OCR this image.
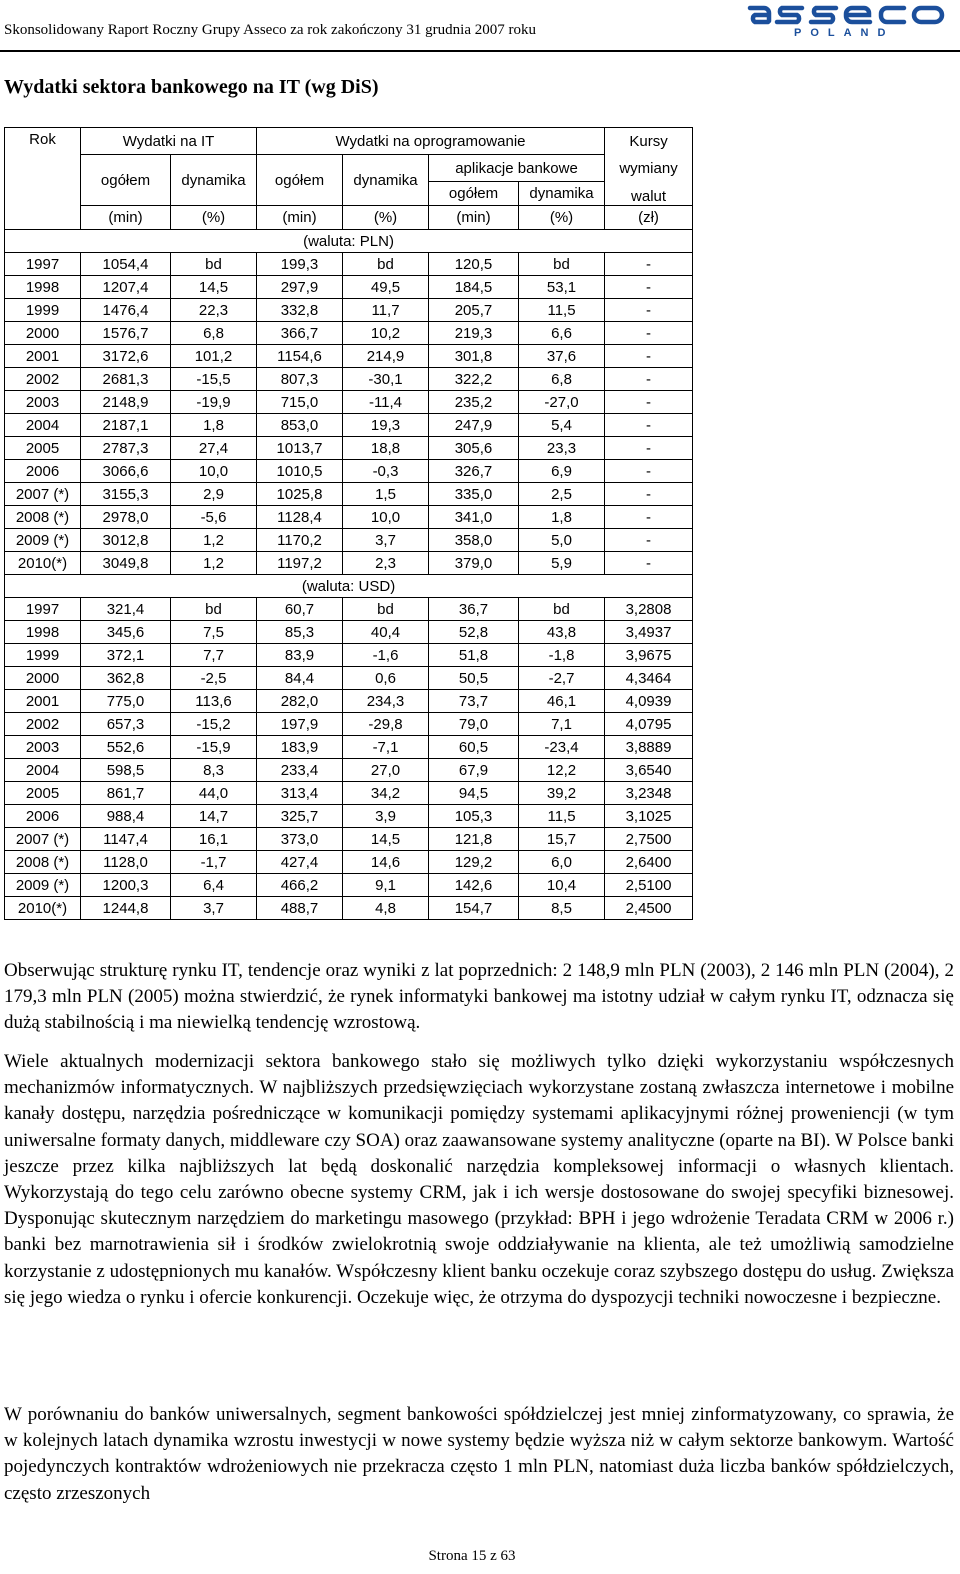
Skonsolidowany Raport Roczny Grupy Asseco za rok zakończony 31 grudnia 2007 roku	POLAND
Wydatki sektora bankowego na IT (wg DiS)
Rok	Wydatki na IT		Wydatki na oprogramowanie				Kursy
	ogółem	dynamika	ogółem	dynamika	aplikacje bankowe		wymiany
					ogółem	dynamika	walut
	(min)	(%)	(min)	(%)	(min)	(%)	(zł)
(waluta: PLN)							
1997	1054,4	bd	199,3	bd	120,5	bd	-
1998	1207,4	14,5	297,9	49,5	184,5	53,1	-
1999	1476,4	22,3	332,8	11,7	205,7	11,5	-
2000	1576,7	6,8	366,7	10,2	219,3	6,6	-
2001	3172,6	101,2	1154,6	214,9	301,8	37,6	-
2002	2681,3	-15,5	807,3	-30,1	322,2	6,8	-
2003	2148,9	-19,9	715,0	-11,4	235,2	-27,0	-
2004	2187,1	1,8	853,0	19,3	247,9	5,4	-
2005	2787,3	27,4	1013,7	18,8	305,6	23,3	-
2006	3066,6	10,0	1010,5	-0,3	326,7	6,9	-
2007 (*)	3155,3	2,9	1025,8	1,5	335,0	2,5	-
2008 (*)	2978,0	-5,6	1128,4	10,0	341,0	1,8	-
2009 (*)	3012,8	1,2	1170,2	3,7	358,0	5,0	-
2010(*)	3049,8	1,2	1197,2	2,3	379,0	5,9	-
(waluta: USD)							
1997	321,4	bd	60,7	bd	36,7	bd	3,2808
1998	345,6	7,5	85,3	40,4	52,8	43,8	3,4937
1999	372,1	7,7	83,9	-1,6	51,8	-1,8	3,9675
2000	362,8	-2,5	84,4	0,6	50,5	-2,7	4,3464
2001	775,0	113,6	282,0	234,3	73,7	46,1	4,0939
2002	657,3	-15,2	197,9	-29,8	79,0	7,1	4,0795
2003	552,6	-15,9	183,9	-7,1	60,5	-23,4	3,8889
2004	598,5	8,3	233,4	27,0	67,9	12,2	3,6540
2005	861,7	44,0	313,4	34,2	94,5	39,2	3,2348
2006	988,4	14,7	325,7	3,9	105,3	11,5	3,1025
2007 (*)	1147,4	16,1	373,0	14,5	121,8	15,7	2,7500
2008 (*)	1128,0	-1,7	427,4	14,6	129,2	6,0	2,6400
2009 (*)	1200,3	6,4	466,2	9,1	142,6	10,4	2,5100
2010(*)	1244,8	3,7	488,7	4,8	154,7	8,5	2,4500
Obserwując strukturę rynku IT, tendencje oraz wyniki z lat poprzednich: 2 148,9 mln PLN (2003), 2 146 mln PLN (2004), 2 179,3 mln PLN (2005) można stwierdzić, że rynek informatyki bankowej ma istotny udział w całym rynku IT, odznacza się dużą stabilnością i ma niewielką tendencję wzrostową.
Wiele aktualnych modernizacji sektora bankowego stało się możliwych tylko dzięki wykorzystaniu współczesnych mechanizmów informatycznych. W najbliższych przedsięwzięciach wykorzystane zostaną zwłaszcza internetowe i mobilne kanały dostępu, narzędzia pośredniczące w komunikacji pomiędzy systemami aplikacyjnymi różnej proweniencji (w tym uniwersalne formaty danych, middleware czy SOA) oraz zaawansowane systemy analityczne (oparte na BI). W Polsce banki jeszcze przez kilka najbliższych lat będą doskonalić narzędzia kompleksowej informacji o własnych klientach. Wykorzystają do tego celu zarówno obecne systemy CRM, jak i ich wersje dostosowane do swojej specyfiki biznesowej. Dysponując skutecznym narzędziem do marketingu masowego (przykład: BPH i jego wdrożenie Teradata CRM w 2006 r.) banki bez marnotrawienia sił i środków zwielokrotnią swoje oddziaływanie na klienta, ale też umożliwią samodzielne korzystanie z udostępnionych mu kanałów. Współczesny klient banku oczekuje coraz szybszego dostępu do usług. Zwiększa się jego wiedza o rynku i ofercie konkurencji. Oczekuje więc, że otrzyma do dyspozycji techniki nowoczesne i bezpieczne.
W porównaniu do banków uniwersalnych, segment bankowości spółdzielczej jest mniej zinformatyzowany, co sprawia, że w kolejnych latach dynamika wzrostu inwestycji w nowe systemy będzie wyższa niż w całym sektorze bankowym. Wartość pojedynczych kontraktów wdrożeniowych nie przekracza często 1 mln PLN, natomiast duża liczba banków spółdzielczych, często zrzeszonych
Strona 15 z 63
